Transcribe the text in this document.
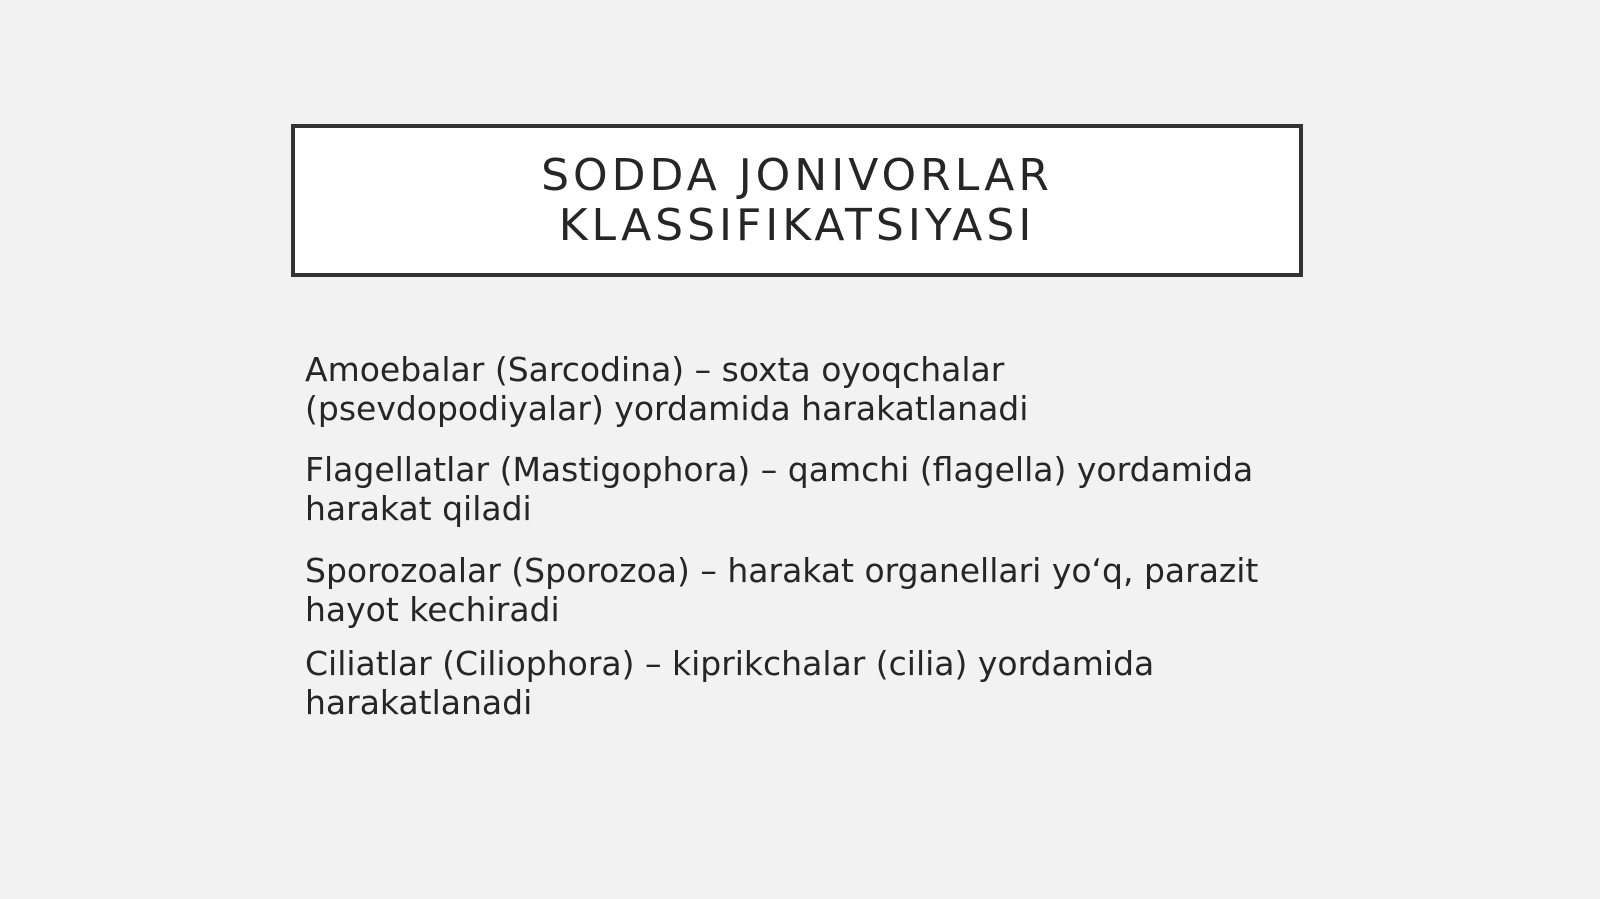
SODDA JONIVORLAR
KLASSIFIKATSIYASI
Amoebalar (Sarcodina) – soxta oyoqchalar
(psevdopodiyalar) yordamida harakatlanadi
Flagellatlar (Mastigophora) – qamchi (flagella) yordamida
harakat qiladi
Sporozoalar (Sporozoa) – harakat organellari yo‘q, parazit
hayot kechiradi
Ciliatlar (Ciliophora) – kiprikchalar (cilia) yordamida
harakatlanadi
